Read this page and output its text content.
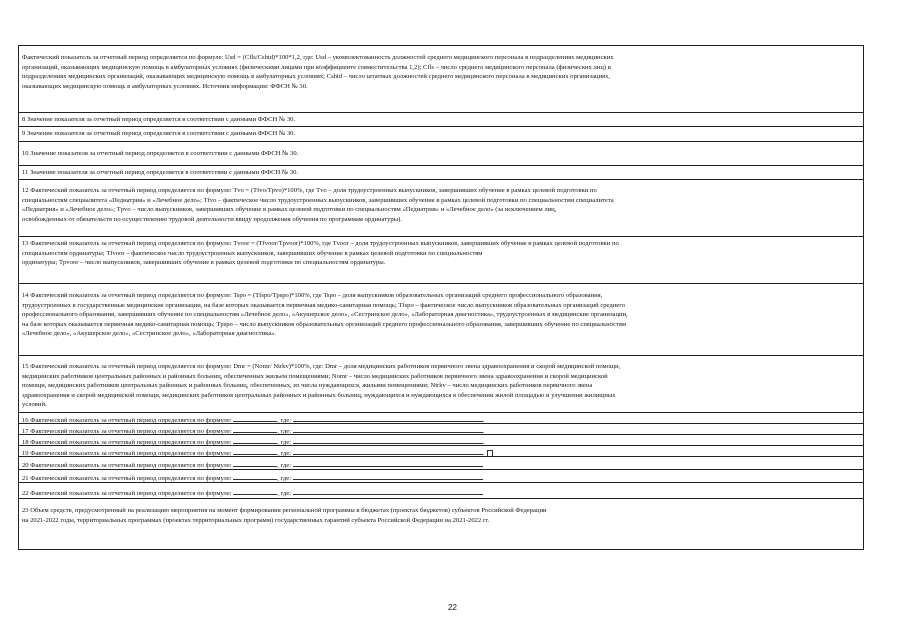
Фактический показатель за отчетный период определяется по формуле: Usd = (Cfls/Cshtd)*100*1,2, где: Usd – укомплектованность должностей среднего медицинского персонала в подразделениях медицинских

организаций, оказывающих медицинскую помощь в амбулаторных условиях (физическими лицами при коэффициенте совместительства 1,2); Cfls – число среднего медицинского персонала (физических лиц) в

подразделениях медицинских организаций, оказывающих медицинскую помощь в амбулаторных условиях; Cshtd – число штатных должностей среднего медицинского персонала в медицинских организациях,

оказывающих медицинскую помощь в амбулаторных условиях. Источник информации: ФФСН № 30.

8 Значение показателя за отчетный период определяется в соответствии с данными ФФСН № 30.

9 Значение показателя за отчетный период определяется в соответствии с данными ФФСН № 30.

10 Значение показателя за отчетный период определяется в соответствии с данными ФФСН № 30.

11 Значение показателя за отчетный период определяется в соответствии с данными ФФСН № 30.

12 Фактический показатель за отчетный период определяется по формуле: Tvo = (Tfvo/Tpvo)*100%, где Tvo – доля трудоустроенных выпускников, завершивших обучение в рамках целевой подготовки по

специальностям специалитета «Педиатрия» и «Лечебное дело»; Tfvo – фактическое число трудоустроенных выпускников, завершивших обучение в рамках целевой подготовки по специальностям специалитета

«Педиатрия» и «Лечебное дело»; Tpvo – число выпускников, завершивших обучение в рамках целевой подготовки по специальностям «Педиатрия» и «Лечебное дело» (за исключением лиц,

освобожденных от обязательств по осуществлению трудовой деятельности ввиду продолжения обучения по программам ординатуры).

13 Фактический показатель за отчетный период определяется по формуле: Tvoor = (Tfvoor/Tpvoor)*100%, где Tvoor – доля трудоустроенных выпускников, завершивших обучение в рамках целевой подготовки по

специальностям ординатуры; Tfvoor – фактическое число трудоустроенных выпускников, завершивших обучение в рамках целевой подготовки по специальностям

ординатуры; Tpvoor – число выпускников, завершивших обучение в рамках целевой подготовки по специальностям ординатуры.

14 Фактический показатель за отчетный период определяется по формуле: Tspo = (Tfspo/Tpspo)*100%, где Tspo – доля выпускников образовательных организаций среднего профессионального образования,

трудоустроенных в государственные медицинские организации, на базе которых оказывается первичная медико-санитарная помощь; Tfspo – фактическое число выпускников образовательных организаций среднего

профессионального образования, завершивших обучение по специальностям «Лечебное дело», «Акушерское дело», «Сестринское дело», «Лабораторная диагностика», трудоустроенных в медицинские организации,

на базе которых оказывается первичная медико-санитарная помощь; Tpspo – число выпускников образовательных организаций среднего профессионального образования, завершивших обучение по специальностям

«Лечебное дело», «Акушерское дело», «Сестринское дело», «Лабораторная диагностика».

15 Фактический показатель за отчетный период определяется по формуле: Dmr = (Nomr/ Ntrkv)*100%, где: Dmr – доля медицинских работников первичного звена здравоохранения и скорой медицинской помощи,

медицинских работников центральных районных и районных больниц, обеспеченных жильем помещениями; Nomr – число медицинских работников первичного звена здравоохранения и скорой медицинской

помощи, медицинских работников центральных районных и районных больниц, обеспеченных, из числа нуждающихся, жилыми помещениями; Ntrkv – число медицинских работников первичного звена

здравоохранения и скорой медицинской помощи, медицинских работников центральных районных и районных больниц, нуждающихся и нуждающихся в обеспечении жилой площадью и улучшении жилищных

условий.

16 Фактический показатель за отчетный период определяется по формуле:	, где:	.
17 Фактический показатель за отчетный период определяется по формуле:	, где:	.
18 Фактический показатель за отчетный период определяется по формуле:	, где:	.
19 Фактический показатель за отчетный период определяется по формуле:	, где:	.
20 Фактический показатель за отчетный период определяется по формуле:	, где:
21 Фактический показатель за отчетный период определяется по формуле:	, где:
22 Фактический показатель за отчетный период определяется по формуле:	, где:

23 Объем средств, предусмотренный на реализацию мероприятия на момент формирования региональной программы в бюджетах (проектах бюджетов) субъектов Российской Федерации

на 2021-2022 годы, территориальных программах (проектах территориальных программ) государственных гарантий субъекта Российской Федерации на 2021-2022 гг.

22
